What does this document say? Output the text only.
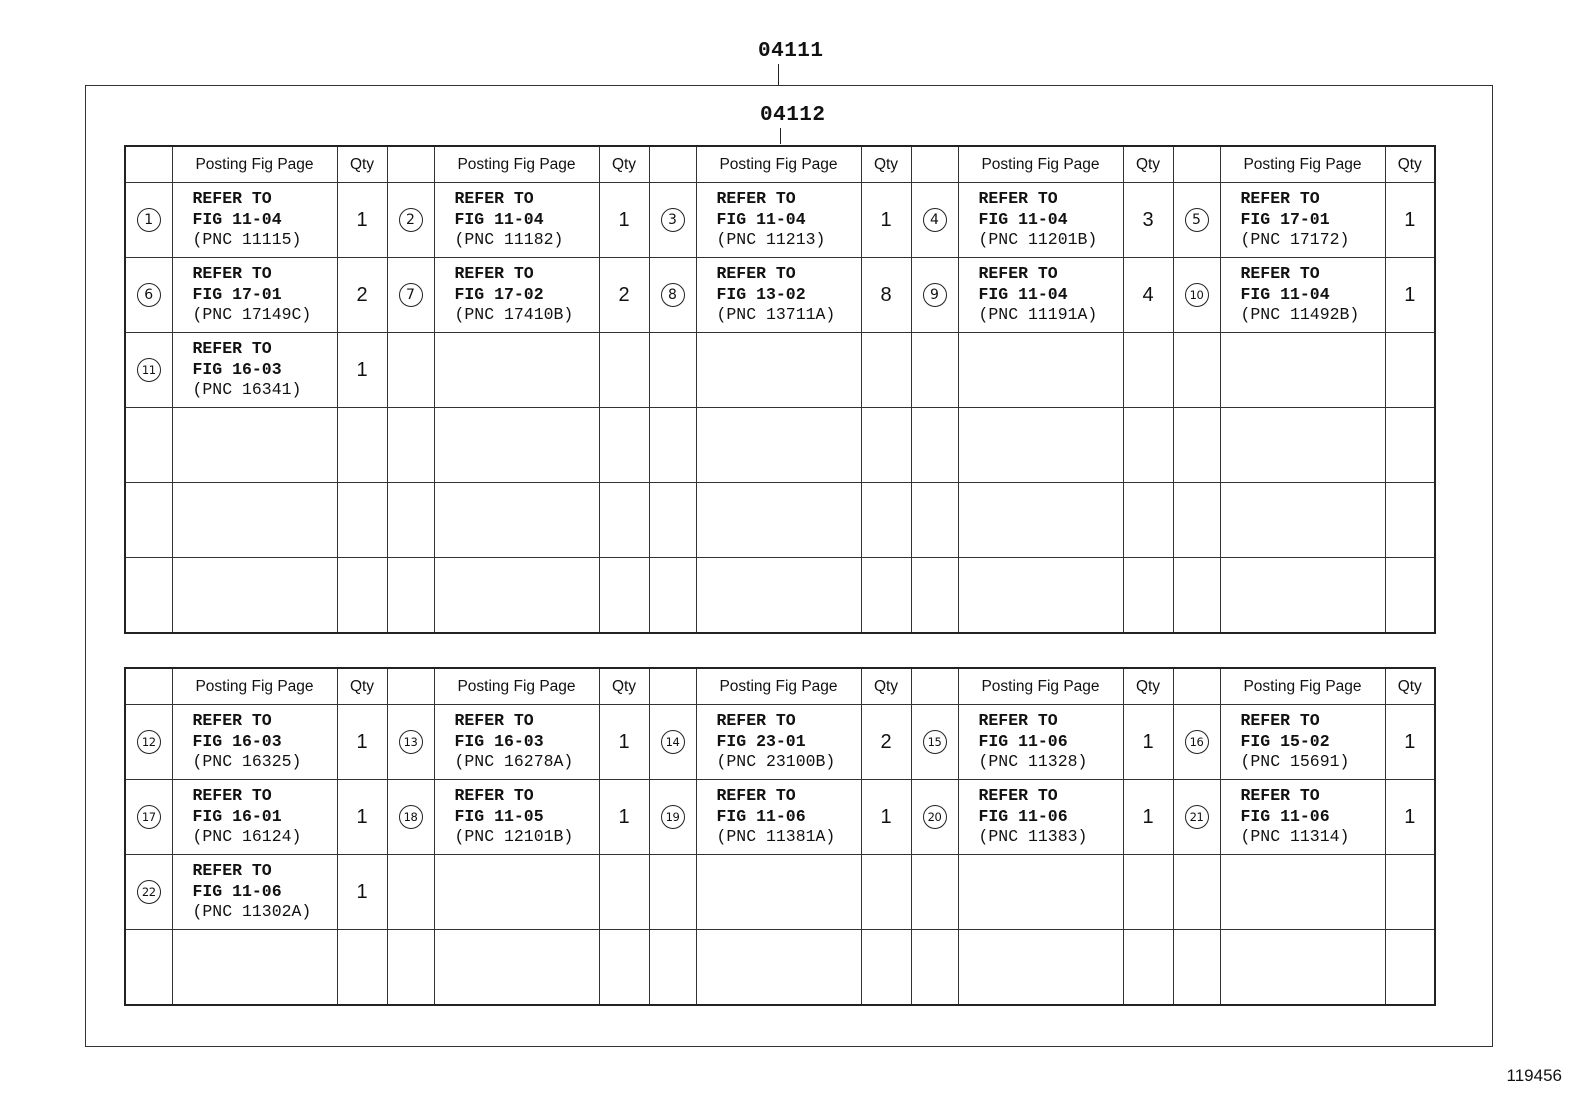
04111
04112
	Posting Fig Page	Qty		Posting Fig Page	Qty		Posting Fig Page	Qty		Posting Fig Page	Qty		Posting Fig Page	Qty
1	REFER TO
FIG 11-04
(PNC 11115)	1	2	REFER TO
FIG 11-04
(PNC 11182)	1	3	REFER TO
FIG 11-04
(PNC 11213)	1	4	REFER TO
FIG 11-04
(PNC 11201B)	3	5	REFER TO
FIG 17-01
(PNC 17172)	1
6	REFER TO
FIG 17-01
(PNC 17149C)	2	7	REFER TO
FIG 17-02
(PNC 17410B)	2	8	REFER TO
FIG 13-02
(PNC 13711A)	8	9	REFER TO
FIG 11-04
(PNC 11191A)	4	10	REFER TO
FIG 11-04
(PNC 11492B)	1
11	REFER TO
FIG 16-03
(PNC 16341)	1												

	Posting Fig Page	Qty		Posting Fig Page	Qty		Posting Fig Page	Qty		Posting Fig Page	Qty		Posting Fig Page	Qty
12	REFER TO
FIG 16-03
(PNC 16325)	1	13	REFER TO
FIG 16-03
(PNC 16278A)	1	14	REFER TO
FIG 23-01
(PNC 23100B)	2	15	REFER TO
FIG 11-06
(PNC 11328)	1	16	REFER TO
FIG 15-02
(PNC 15691)	1
17	REFER TO
FIG 16-01
(PNC 16124)	1	18	REFER TO
FIG 11-05
(PNC 12101B)	1	19	REFER TO
FIG 11-06
(PNC 11381A)	1	20	REFER TO
FIG 11-06
(PNC 11383)	1	21	REFER TO
FIG 11-06
(PNC 11314)	1
22	REFER TO
FIG 11-06
(PNC 11302A)	1												

119456
